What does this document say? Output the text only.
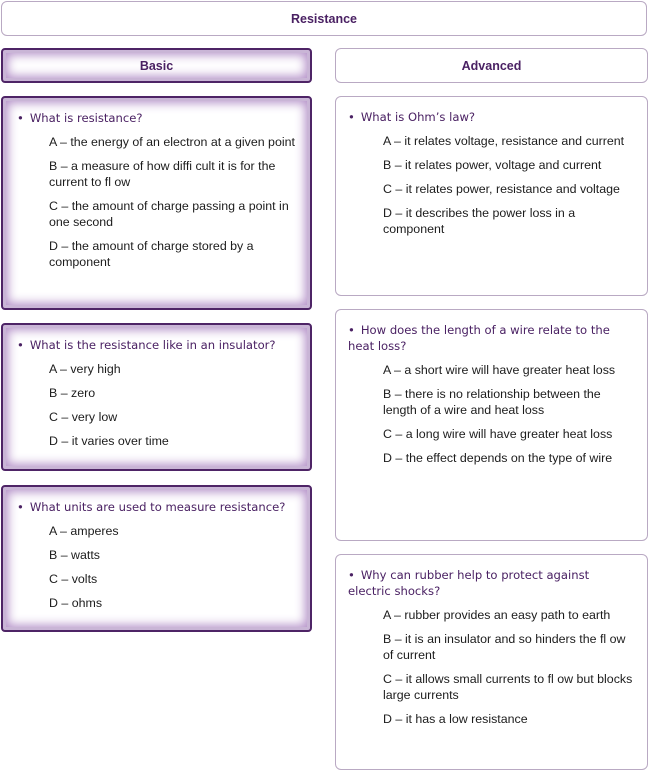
Resistance
Basic	Advanced
• What is resistance?
A – the energy of an electron at a given point
B – a measure of how diffi cult it is for the current to fl ow
C – the amount of charge passing a point in one second
D – the amount of charge stored by a component
• What is the resistance like in an insulator?
A – very high
B – zero
C – very low
D – it varies over time
• What units are used to measure resistance?
A – amperes
B – watts
C – volts
D – ohms
• What is Ohm’s law?
A – it relates voltage, resistance and current
B – it relates power, voltage and current
C – it relates power, resistance and voltage
D – it describes the power loss in a component
• How does the length of a wire relate to the heat loss?
A – a short wire will have greater heat loss
B – there is no relationship between the length of a wire and heat loss
C – a long wire will have greater heat loss
D – the effect depends on the type of wire
• Why can rubber help to protect against electric shocks?
A – rubber provides an easy path to earth
B – it is an insulator and so hinders the fl ow of current
C – it allows small currents to fl ow but blocks large currents
D – it has a low resistance
